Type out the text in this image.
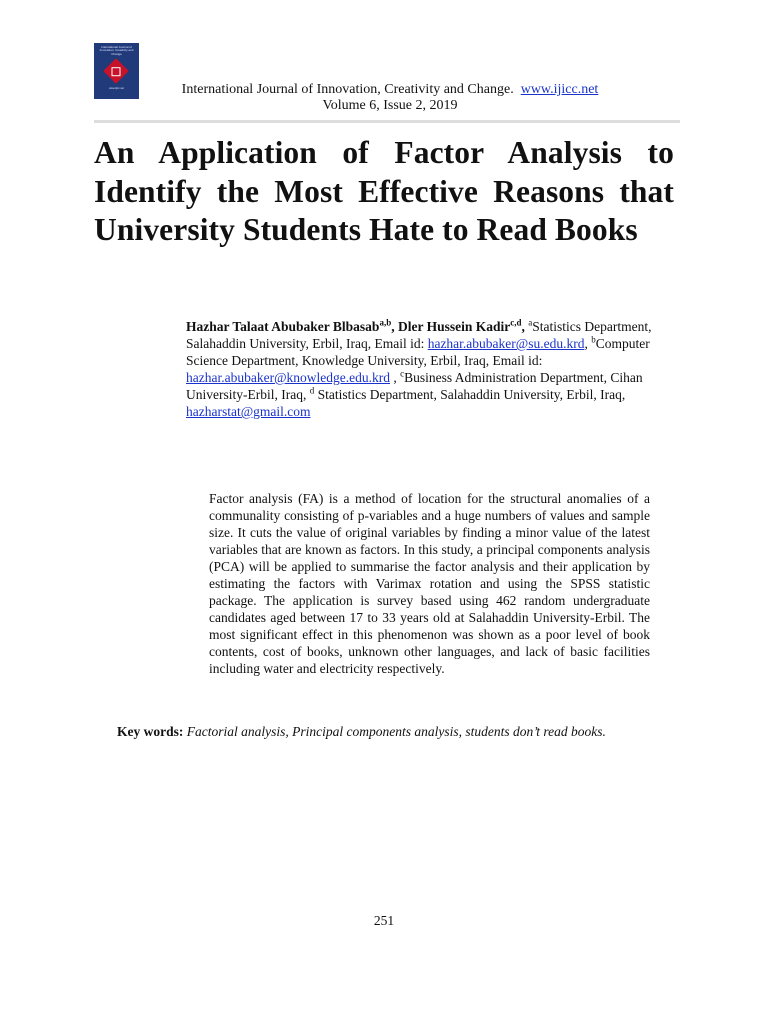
International Journal of Innovation, Creativity and Change
www.ijicc.net	International Journal of Innovation, Creativity and Change. www.ijicc.net
Volume 6, Issue 2, 2019
An Application of Factor Analysis to Identify the Most Effective Reasons that University Students Hate to Read Books
Hazhar Talaat Abubaker Blbasab$^{a,b}$, Dler Hussein Kadir$^{c,d}$, $^a$Statistics Department, Salahaddin University, Erbil, Iraq, Email id: hazhar.abubaker@su.edu.krd, $^b$Computer Science Department, Knowledge University, Erbil, Iraq, Email id: hazhar.abubaker@knowledge.edu.krd , $^c$Business Administration Department, Cihan University-Erbil, Iraq, $^d$ Statistics Department, Salahaddin University, Erbil, Iraq, hazharstat@gmail.com

Factor analysis (FA) is a method of location for the structural anomalies of a communality consisting of p-variables and a huge numbers of values and sample size. It cuts the value of original variables by finding a minor value of the latest variables that are known as factors. In this study, a principal components analysis (PCA) will be applied to summarise the factor analysis and their application by estimating the factors with Varimax rotation and using the SPSS statistic package. The application is survey based using 462 random undergraduate candidates aged between 17 to 33 years old at Salahaddin University-Erbil. The most significant effect in this phenomenon was shown as a poor level of book contents, cost of books, unknown other languages, and lack of basic facilities including water and electricity respectively.

Key words: Factorial analysis, Principal components analysis, students don’t read books.

251
